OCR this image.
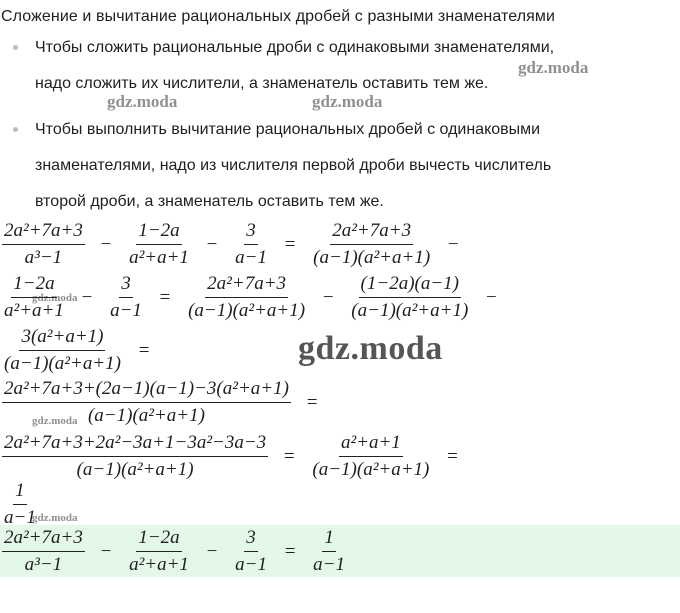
Сложение и вычитание рациональных дробей с разными знаменателями
Чтобы сложить рациональные дроби с одинаковыми знаменателями,
надо сложить их числители, а знаменатель оставить тем же.
Чтобы выполнить вычитание рациональных дробей с одинаковыми
знаменателями, надо из числителя первой дроби вычесть числитель
второй дроби, а знаменатель оставить тем же.
gdz.moda
gdz.moda	gdz.moda
gdz.moda
gdz.moda
gdz.moda
gdz.moda
$\frac{\text{2a²+7a+3}}{\text{a³−1}} - \frac{1-2a}{\text{a²+a+1}} - \frac{3}{a-1} = \frac{\text{2a²+7a+3}}{\text{(a−1)(a²+a+1)}}$ −
$\frac{1-2a}{\text{a²+a+1}} - \frac{3}{a-1} = \frac{\text{2a²+7a+3}}{\text{(a−1)(a²+a+1)}} - \frac{(1-2a)(a-1)}{\text{(a−1)(a²+a+1)}}$ −
$\frac{\text{3(a²+a+1)}}{\text{(a−1)(a²+a+1)}}$ =
$\frac{\text{2a²+7a+3+(2a−1)(a−1)−3(a²+a+1)}}{\text{(a−1)(a²+a+1)}}$ =
$\frac{\text{2a²+7a+3+2a²−3a+1−3a²−3a−3}}{\text{(a−1)(a²+a+1)}} = \frac{\text{a²+a+1}}{\text{(a−1)(a²+a+1)}}$ =
$\frac{1}{a-1}$
$\frac{\text{2a²+7a+3}}{\text{a³−1}} - \frac{1-2a}{\text{a²+a+1}} - \frac{3}{a-1} = \frac{1}{a-1}$
